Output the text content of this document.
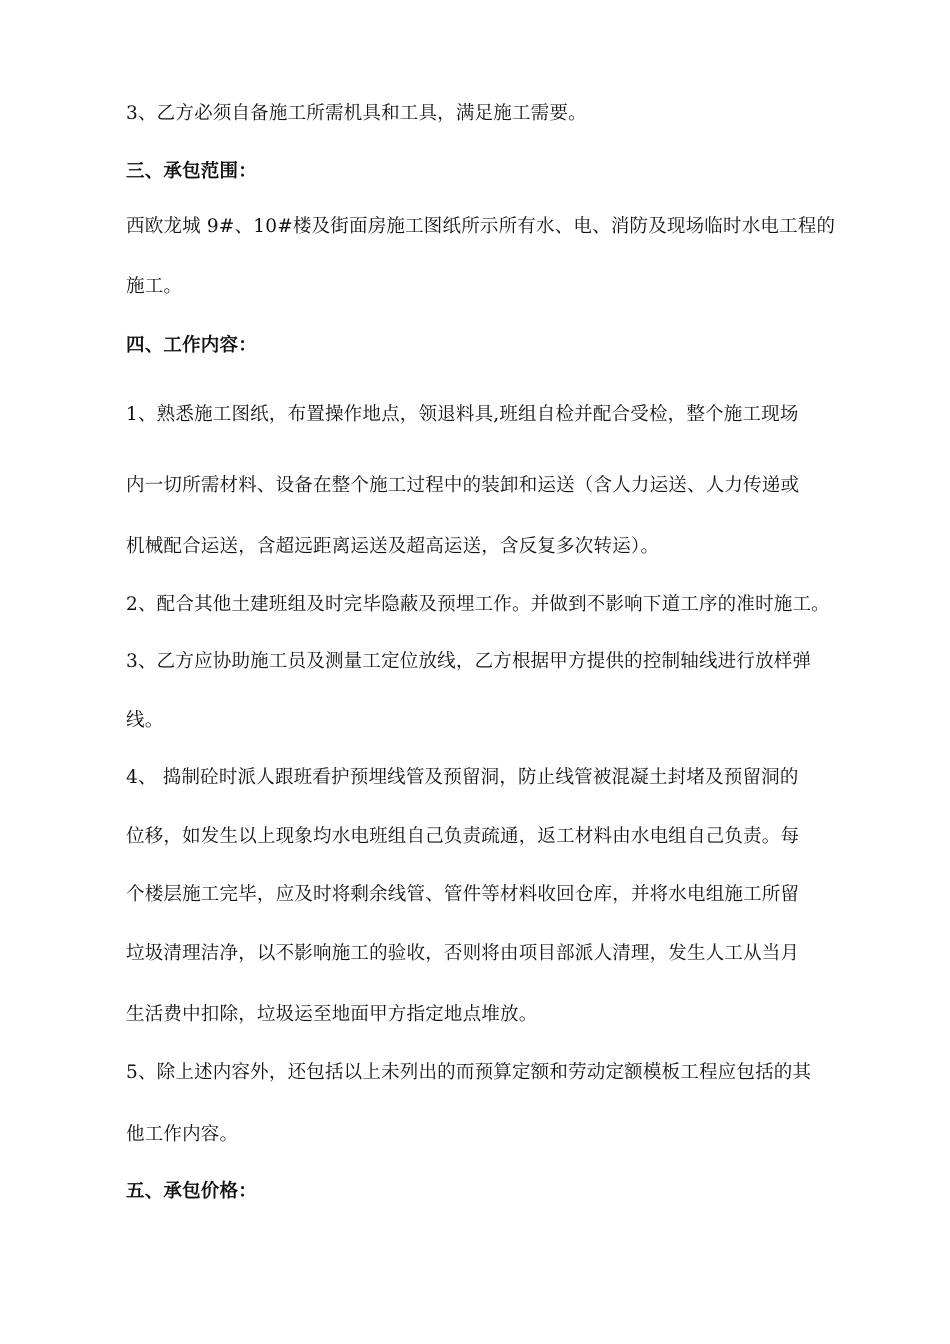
3、乙方必须自备施工所需机具和工具，满足施工需要。
三、承包范围：
西欧龙城 9#、10#楼及街面房施工图纸所示所有水、电、消防及现场临时水电工程的
施工。
四、工作内容：
1、熟悉施工图纸，布置操作地点，领退料具,班组自检并配合受检，整个施工现场
内一切所需材料、设备在整个施工过程中的装卸和运送（含人力运送、人力传递或
机械配合运送，含超远距离运送及超高运送，含反复多次转运）。
2、配合其他土建班组及时完毕隐蔽及预埋工作。并做到不影响下道工序的准时施工。
3、乙方应协助施工员及测量工定位放线，乙方根据甲方提供的控制轴线进行放样弹
线。
4、 捣制砼时派人跟班看护预埋线管及预留洞，防止线管被混凝土封堵及预留洞的
位移，如发生以上现象均水电班组自己负责疏通，返工材料由水电组自己负责。每
个楼层施工完毕，应及时将剩余线管、管件等材料收回仓库，并将水电组施工所留
垃圾清理洁净，以不影响施工的验收，否则将由项目部派人清理，发生人工从当月
生活费中扣除，垃圾运至地面甲方指定地点堆放。
5、除上述内容外，还包括以上未列出的而预算定额和劳动定额模板工程应包括的其
他工作内容。
五、承包价格：
